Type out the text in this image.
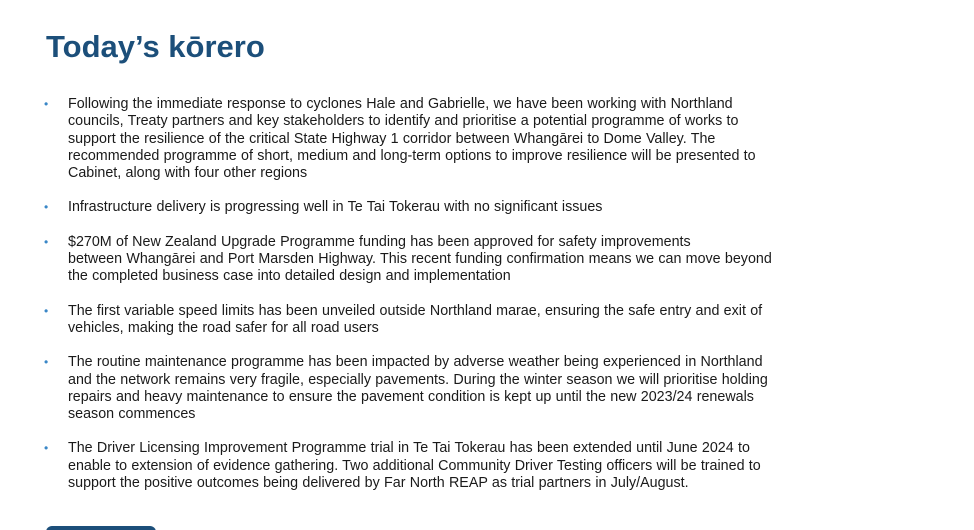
Today’s kōrero
• Following the immediate response to cyclones Hale and Gabrielle, we have been working with Northland
councils, Treaty partners and key stakeholders to identify and prioritise a potential programme of works to
support the resilience of the critical State Highway 1 corridor between Whangārei to Dome Valley. The
recommended programme of short, medium and long-term options to improve resilience will be presented to
Cabinet, along with four other regions
• Infrastructure delivery is progressing well in Te Tai Tokerau with no significant issues
• $270M of New Zealand Upgrade Programme funding has been approved for safety improvements
between Whangārei and Port Marsden Highway. This recent funding confirmation means we can move beyond
the completed business case into detailed design and implementation
• The first variable speed limits has been unveiled outside Northland marae, ensuring the safe entry and exit of
vehicles, making the road safer for all road users
• The routine maintenance programme has been impacted by adverse weather being experienced in Northland
and the network remains very fragile, especially pavements. During the winter season we will prioritise holding
repairs and heavy maintenance to ensure the pavement condition is kept up until the new 2023/24 renewals
season commences
• The Driver Licensing Improvement Programme trial in Te Tai Tokerau has been extended until June 2024 to
enable to extension of evidence gathering. Two additional Community Driver Testing officers will be trained to
support the positive outcomes being delivered by Far North REAP as trial partners in July/August.
